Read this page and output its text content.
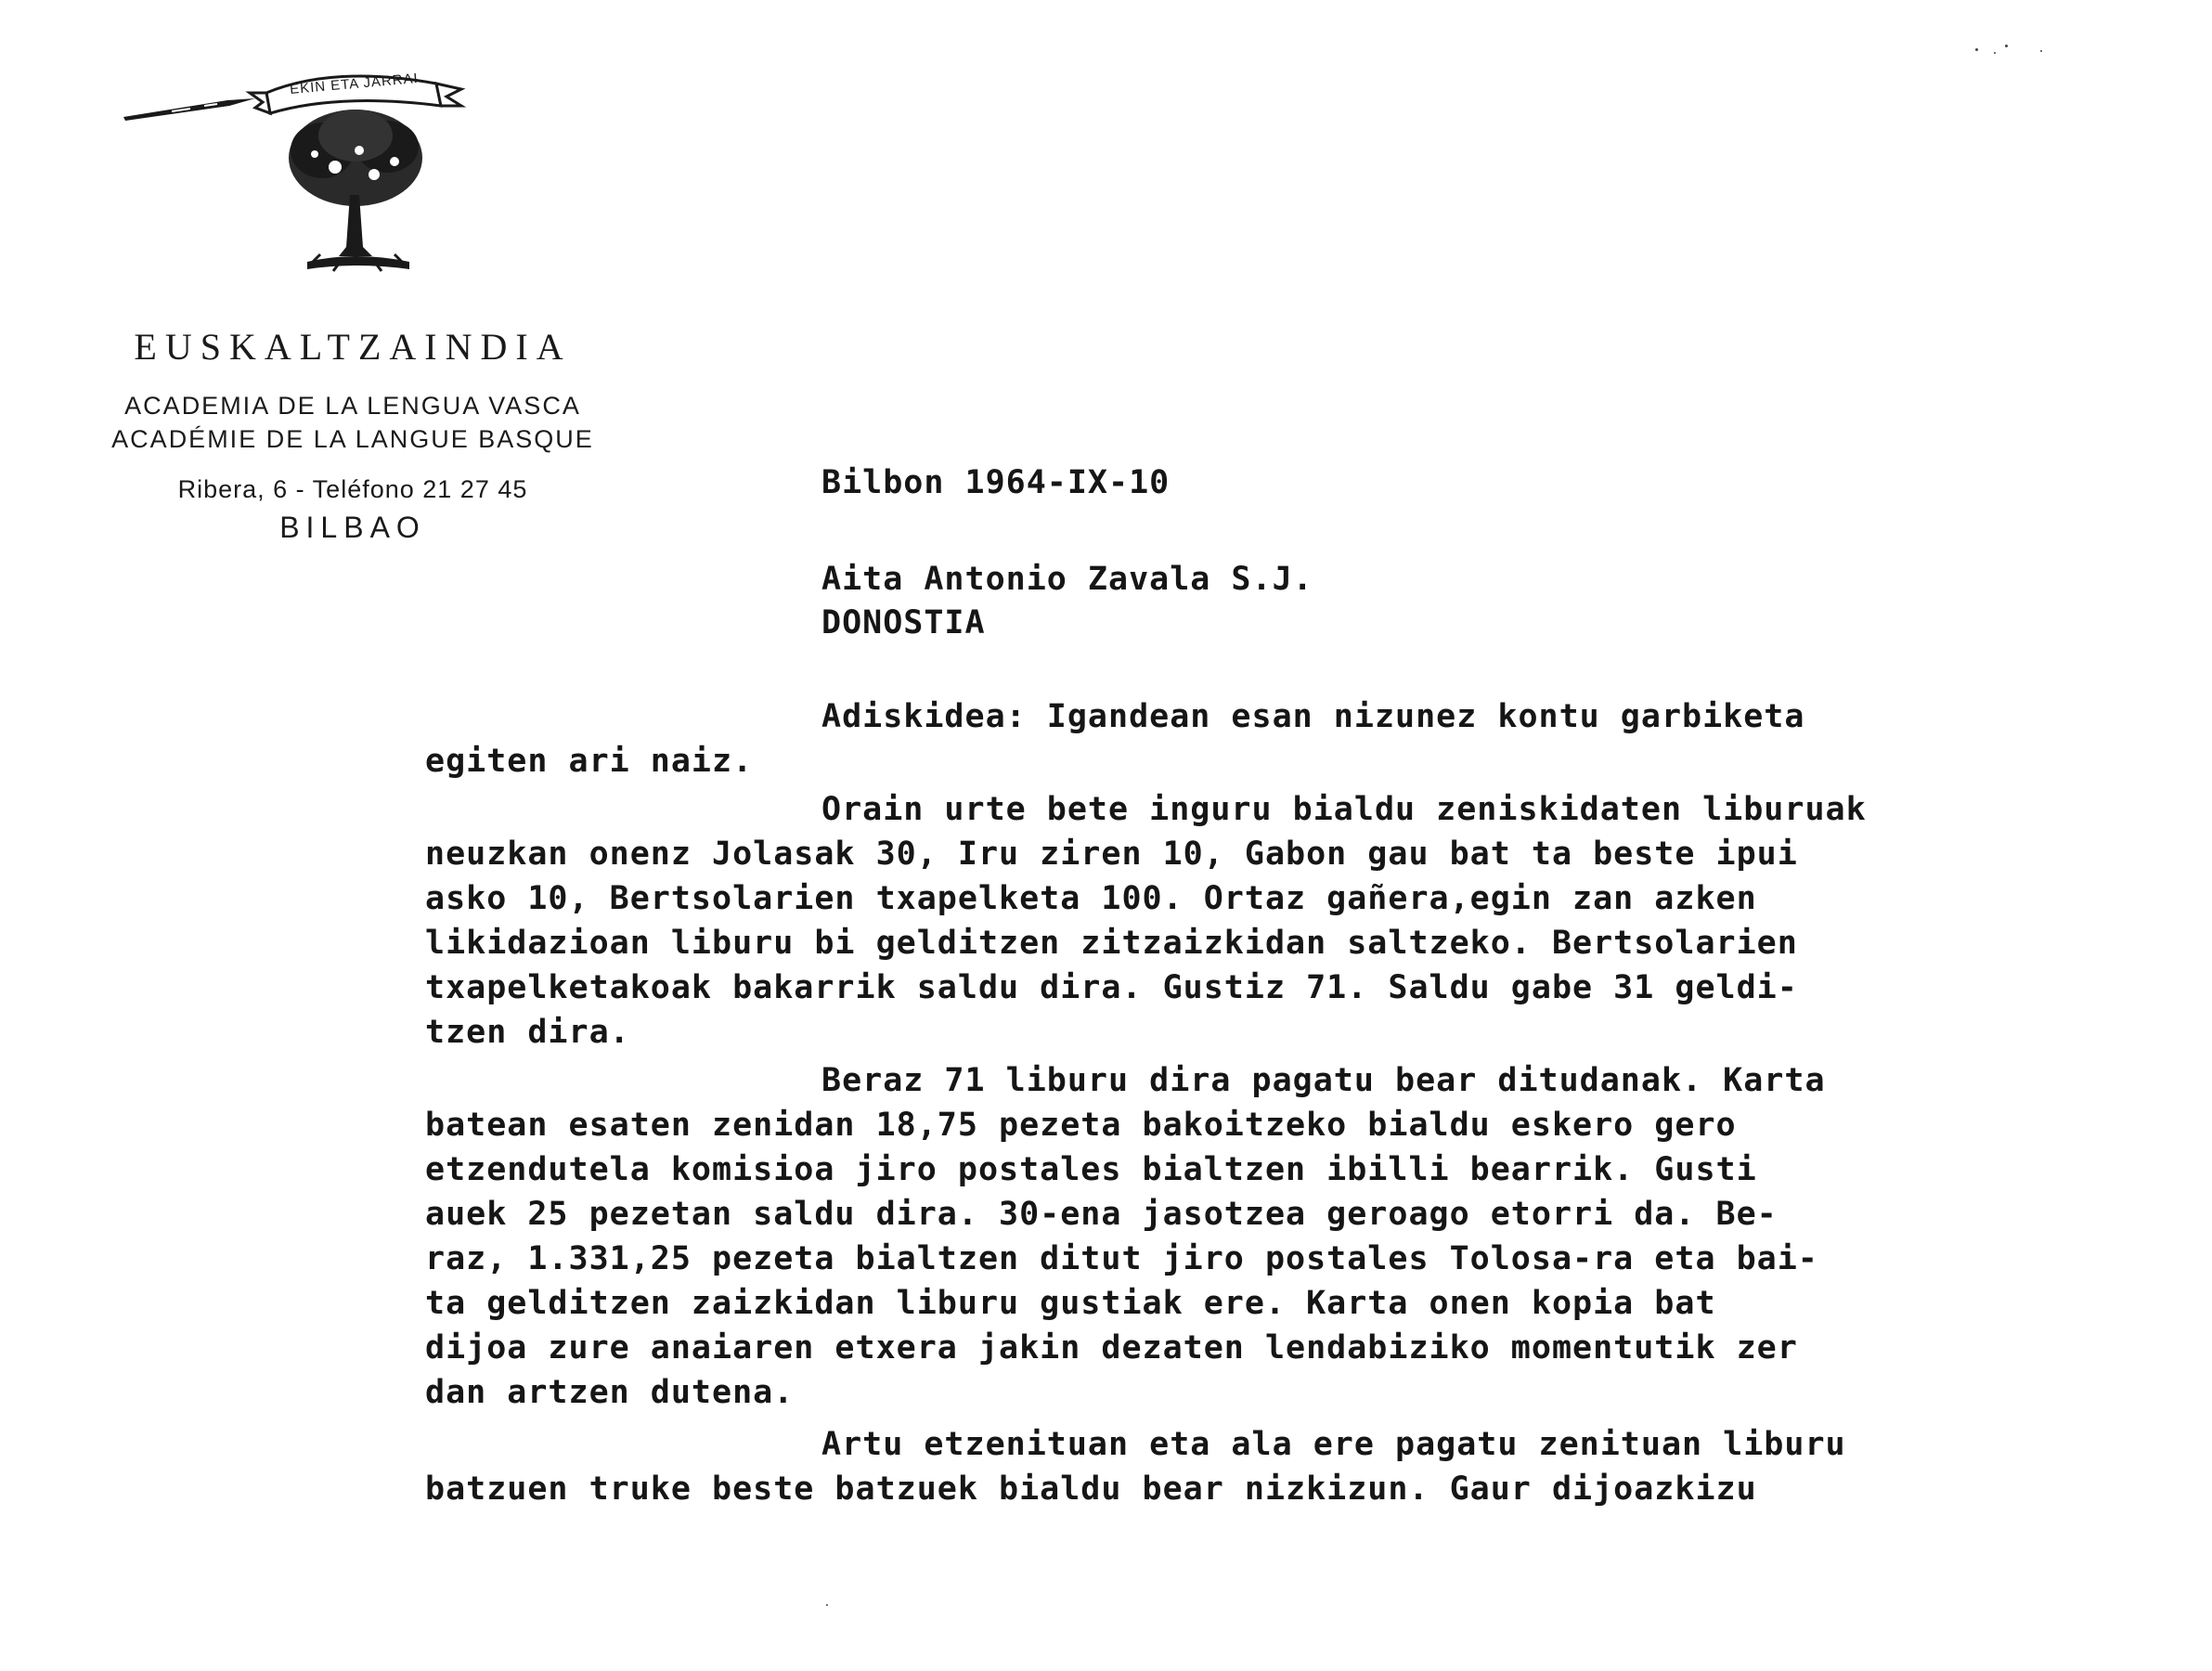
EKIN ETA JARRAI
EUSKALTZAINDIA
ACADEMIA DE LA LENGUA VASCA
ACADÉMIE DE LA LANGUE BASQUE
Ribera, 6 - Teléfono 21 27 45
BILBAO
Bilbon 1964-IX-10
Aita Antonio Zavala S.J.
DONOSTIA
Adiskidea: Igandean esan nizunez kontu garbiketa
egiten ari naiz.
Orain urte bete inguru bialdu zeniskidaten liburuak
neuzkan onenz Jolasak 30, Iru ziren 10, Gabon gau bat ta beste ipui
asko 10, Bertsolarien txapelketa 100. Ortaz gañera,egin zan azken
likidazioan liburu bi gelditzen zitzaizkidan saltzeko. Bertsolarien
txapelketakoak bakarrik saldu dira. Gustiz 71. Saldu gabe 31 geldi-
tzen dira.
Beraz 71 liburu dira pagatu bear ditudanak. Karta
batean esaten zenidan 18,75 pezeta bakoitzeko bialdu eskero gero
etzendutela komisioa jiro postales bialtzen ibilli bearrik. Gusti
auek 25 pezetan saldu dira. 30-ena jasotzea geroago etorri da. Be-
raz, 1.331,25 pezeta bialtzen ditut jiro postales Tolosa-ra eta bai-
ta gelditzen zaizkidan liburu gustiak ere. Karta onen kopia bat
dijoa zure anaiaren etxera jakin dezaten lendabiziko momentutik zer
dan artzen dutena.
Artu etzenituan eta ala ere pagatu zenituan liburu
batzuen truke beste batzuek bialdu bear nizkizun. Gaur dijoazkizu
